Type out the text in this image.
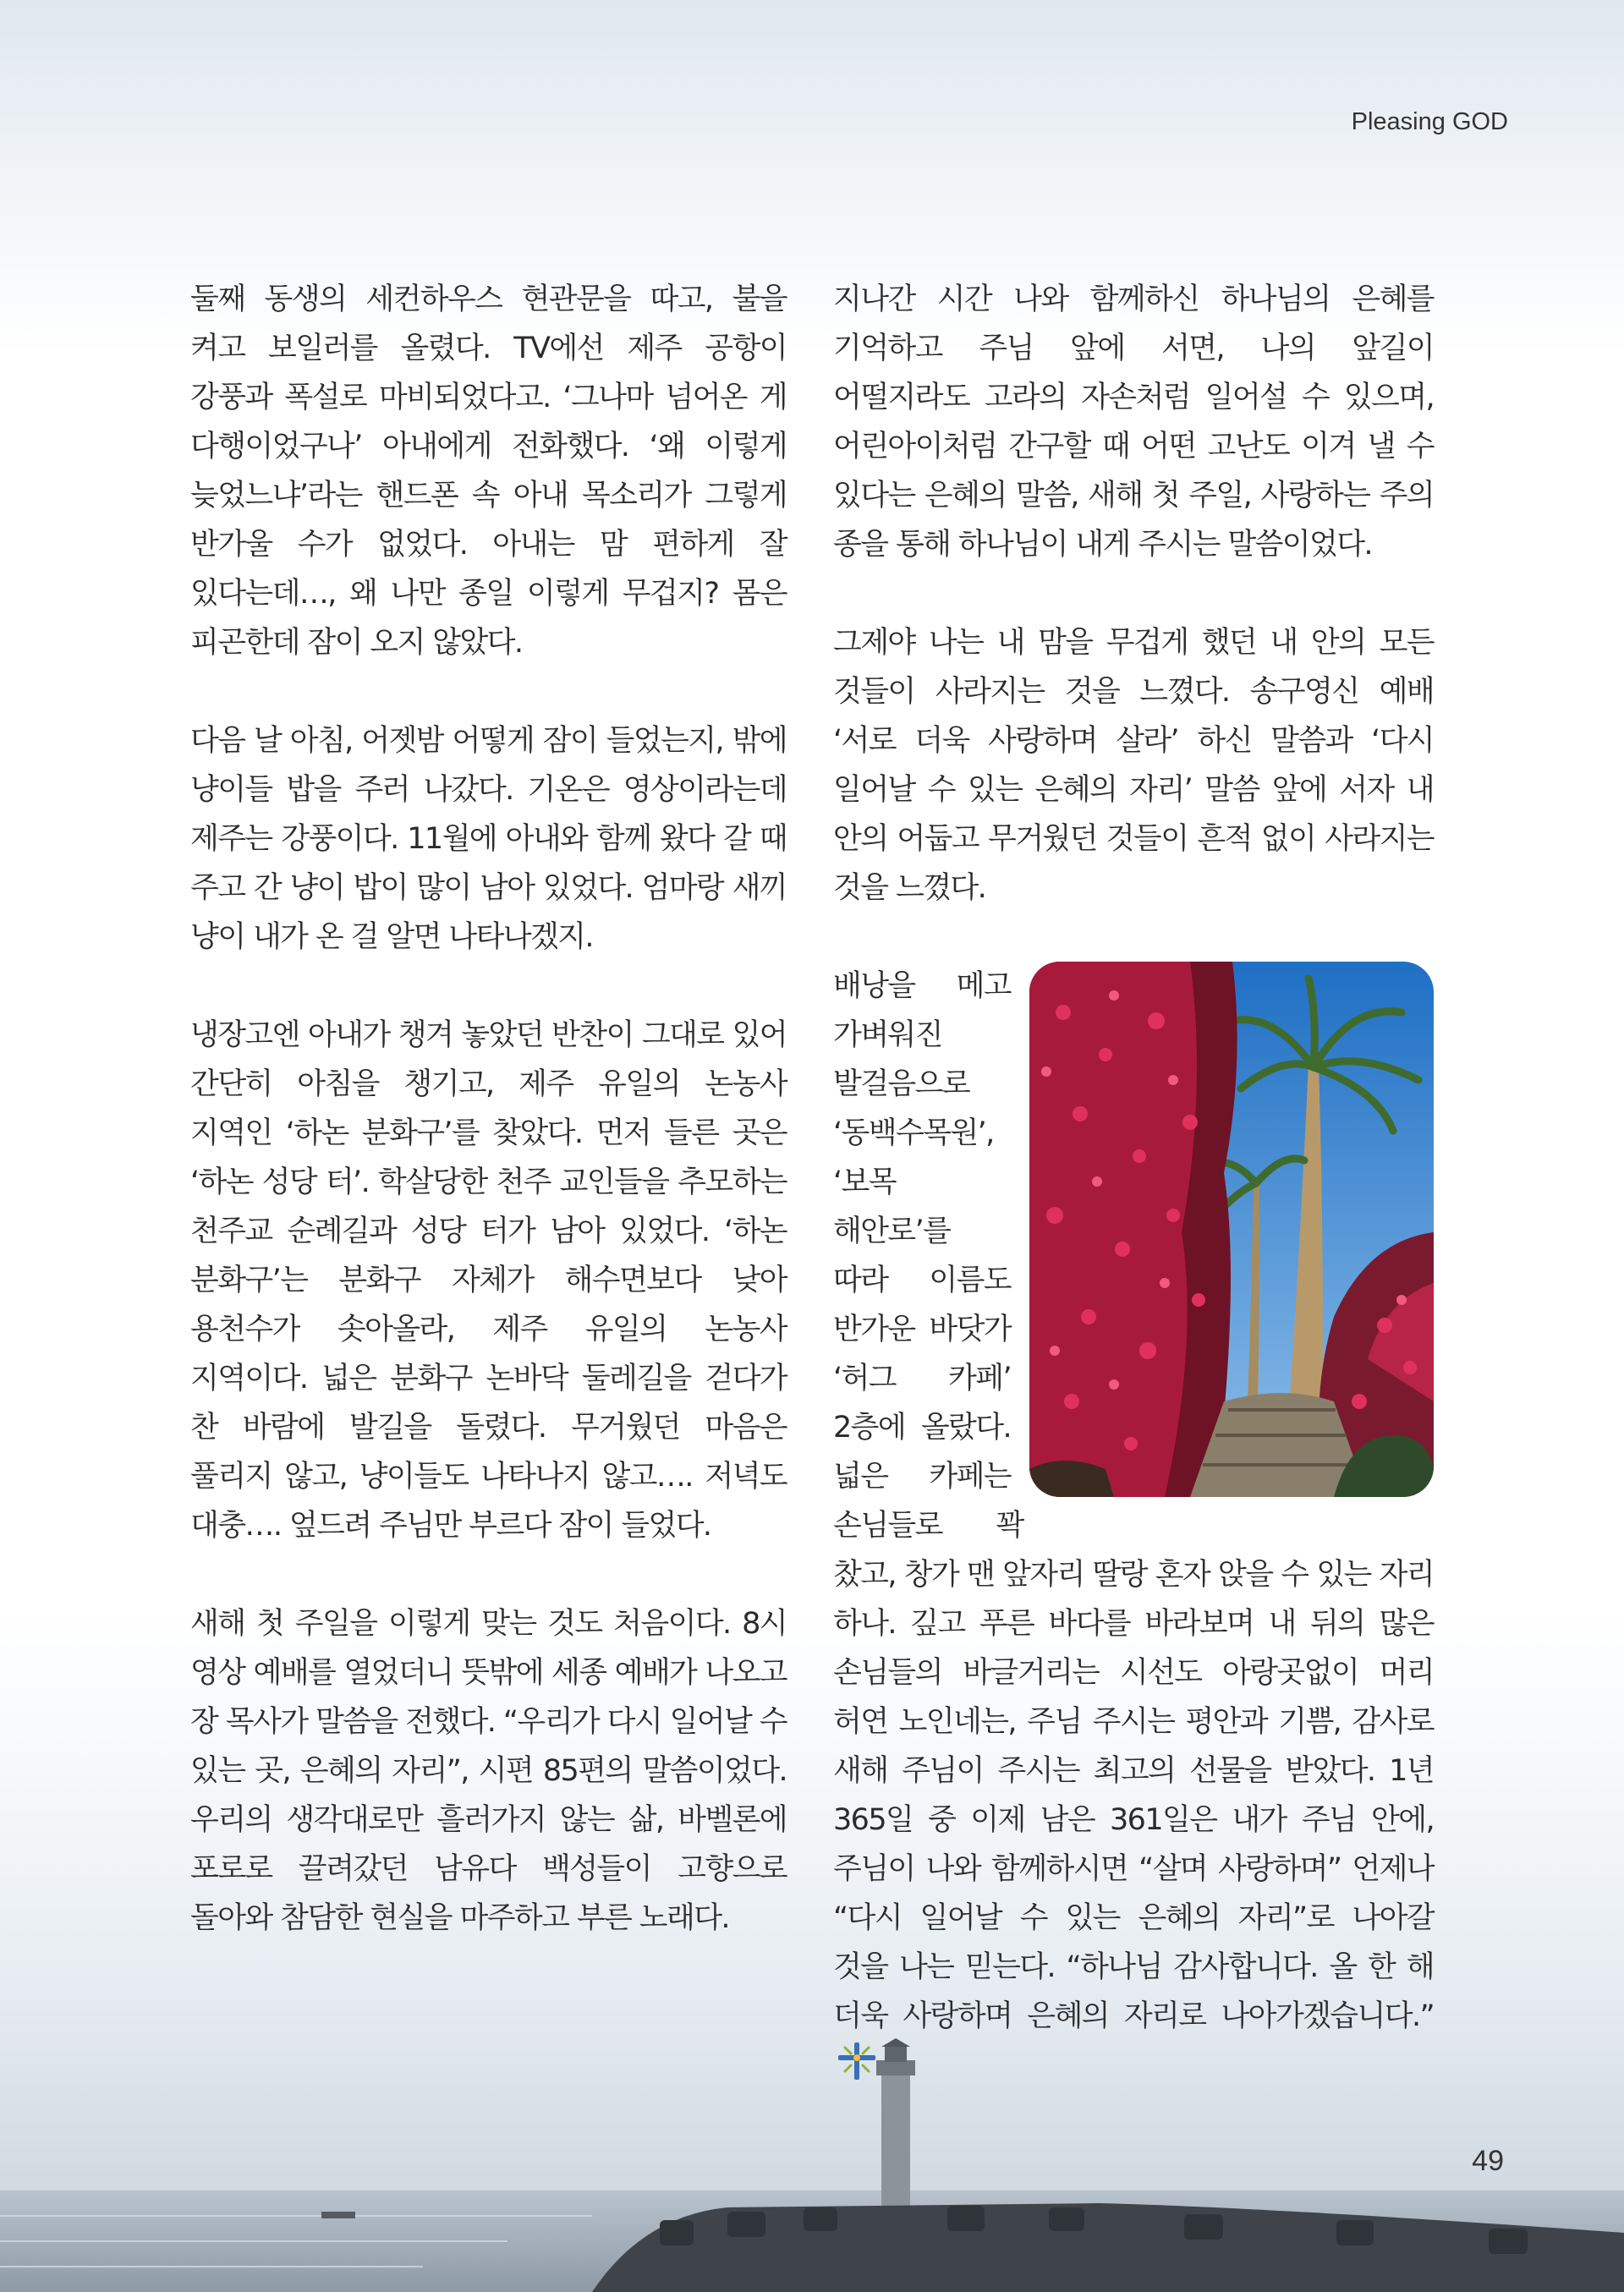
Pleasing GOD

둘째 동생의 세컨하우스 현관문을 따고, 불을 켜고 보일러를 올렸다. TV에선 제주 공항이 강풍과 폭설로 마비되었다고. ‘그나마 넘어온 게 다행이었구나’ 아내에게 전화했다. ‘왜 이렇게 늦었느냐’라는 핸드폰 속 아내 목소리가 그렇게 반가울 수가 없었다. 아내는 맘 편하게 잘 있다는데…, 왜 나만 종일 이렇게 무겁지? 몸은 피곤한데 잠이 오지 않았다.

다음 날 아침, 어젯밤 어떻게 잠이 들었는지, 밖에 냥이들 밥을 주러 나갔다. 기온은 영상이라는데 제주는 강풍이다. 11월에 아내와 함께 왔다 갈 때 주고 간 냥이 밥이 많이 남아 있었다. 엄마랑 새끼 냥이 내가 온 걸 알면 나타나겠지.

냉장고엔 아내가 챙겨 놓았던 반찬이 그대로 있어 간단히 아침을 챙기고, 제주 유일의 논농사 지역인 ‘하논 분화구’를 찾았다. 먼저 들른 곳은 ‘하논 성당 터’. 학살당한 천주 교인들을 추모하는 천주교 순례길과 성당 터가 남아 있었다. ‘하논 분화구’는 분화구 자체가 해수면보다 낮아 용천수가 솟아올라, 제주 유일의 논농사 지역이다. 넓은 분화구 논바닥 둘레길을 걷다가 찬 바람에 발길을 돌렸다. 무거웠던 마음은 풀리지 않고, 냥이들도 나타나지 않고…. 저녁도 대충…. 엎드려 주님만 부르다 잠이 들었다.

새해 첫 주일을 이렇게 맞는 것도 처음이다. 8시 영상 예배를 열었더니 뜻밖에 세종 예배가 나오고 장 목사가 말씀을 전했다. “우리가 다시 일어날 수 있는 곳, 은혜의 자리”, 시편 85편의 말씀이었다. 우리의 생각대로만 흘러가지 않는 삶, 바벨론에 포로로 끌려갔던 남유다 백성들이 고향으로 돌아와 참담한 현실을 마주하고 부른 노래다.

지나간 시간 나와 함께하신 하나님의 은혜를 기억하고 주님 앞에 서면, 나의 앞길이 어떨지라도 고라의 자손처럼 일어설 수 있으며, 어린아이처럼 간구할 때 어떤 고난도 이겨 낼 수 있다는 은혜의 말씀, 새해 첫 주일, 사랑하는 주의 종을 통해 하나님이 내게 주시는 말씀이었다.

그제야 나는 내 맘을 무겁게 했던 내 안의 모든 것들이 사라지는 것을 느꼈다. 송구영신 예배 ‘서로 더욱 사랑하며 살라’ 하신 말씀과 ‘다시 일어날 수 있는 은혜의 자리’ 말씀 앞에 서자 내 안의 어둡고 무거웠던 것들이 흔적 없이 사라지는 것을 느꼈다.

배낭을 메고 가벼워진 발걸음으로 ‘동백수목원’, ‘보목 해안로’를 따라 이름도 반가운 바닷가 ‘허그 카페’ 2층에 올랐다. 넓은 카페는 손님들로 꽉 찼고, 창가 맨 앞자리 딸랑 혼자 앉을 수 있는 자리 하나. 깊고 푸른 바다를 바라보며 내 뒤의 많은 손님들의 바글거리는 시선도 아랑곳없이 머리 허연 노인네는, 주님 주시는 평안과 기쁨, 감사로 새해 주님이 주시는 최고의 선물을 받았다. 1년 365일 중 이제 남은 361일은 내가 주님 안에, 주님이 나와 함께하시면 “살며 사랑하며” 언제나 “다시 일어날 수 있는 은혜의 자리”로 나아갈 것을 나는 믿는다. “하나님 감사합니다. 올 한 해 더욱 사랑하며 은혜의 자리로 나아가겠습니다.”

49
